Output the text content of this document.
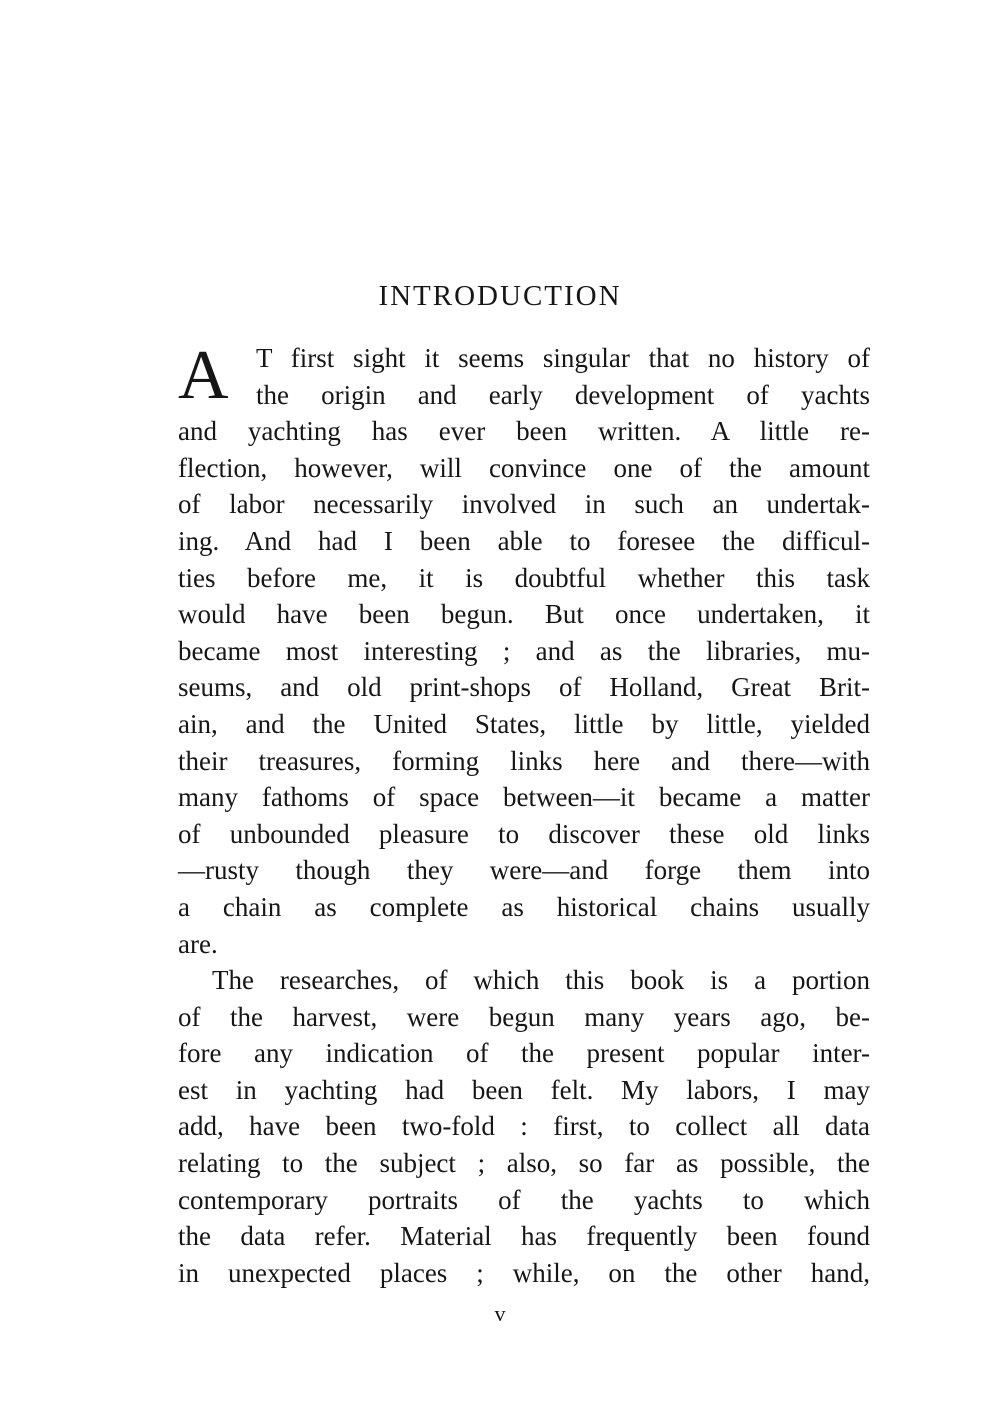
INTRODUCTION
A T first sight it seems singular that no history of
the origin and early development of yachts
and yachting has ever been written. A little re-
flection, however, will convince one of the amount
of labor necessarily involved in such an undertak-
ing. And had I been able to foresee the difficul-
ties before me, it is doubtful whether this task
would have been begun. But once undertaken, it
became most interesting ; and as the libraries, mu-
seums, and old print-shops of Holland, Great Brit-
ain, and the United States, little by little, yielded
their treasures, forming links here and there—with
many fathoms of space between—it became a matter
of unbounded pleasure to discover these old links
—rusty though they were—and forge them into
a chain as complete as historical chains usually
are.
The researches, of which this book is a portion
of the harvest, were begun many years ago, be-
fore any indication of the present popular inter-
est in yachting had been felt. My labors, I may
add, have been two-fold : first, to collect all data
relating to the subject ; also, so far as possible, the
contemporary portraits of the yachts to which
the data refer. Material has frequently been found
in unexpected places ; while, on the other hand,
v
